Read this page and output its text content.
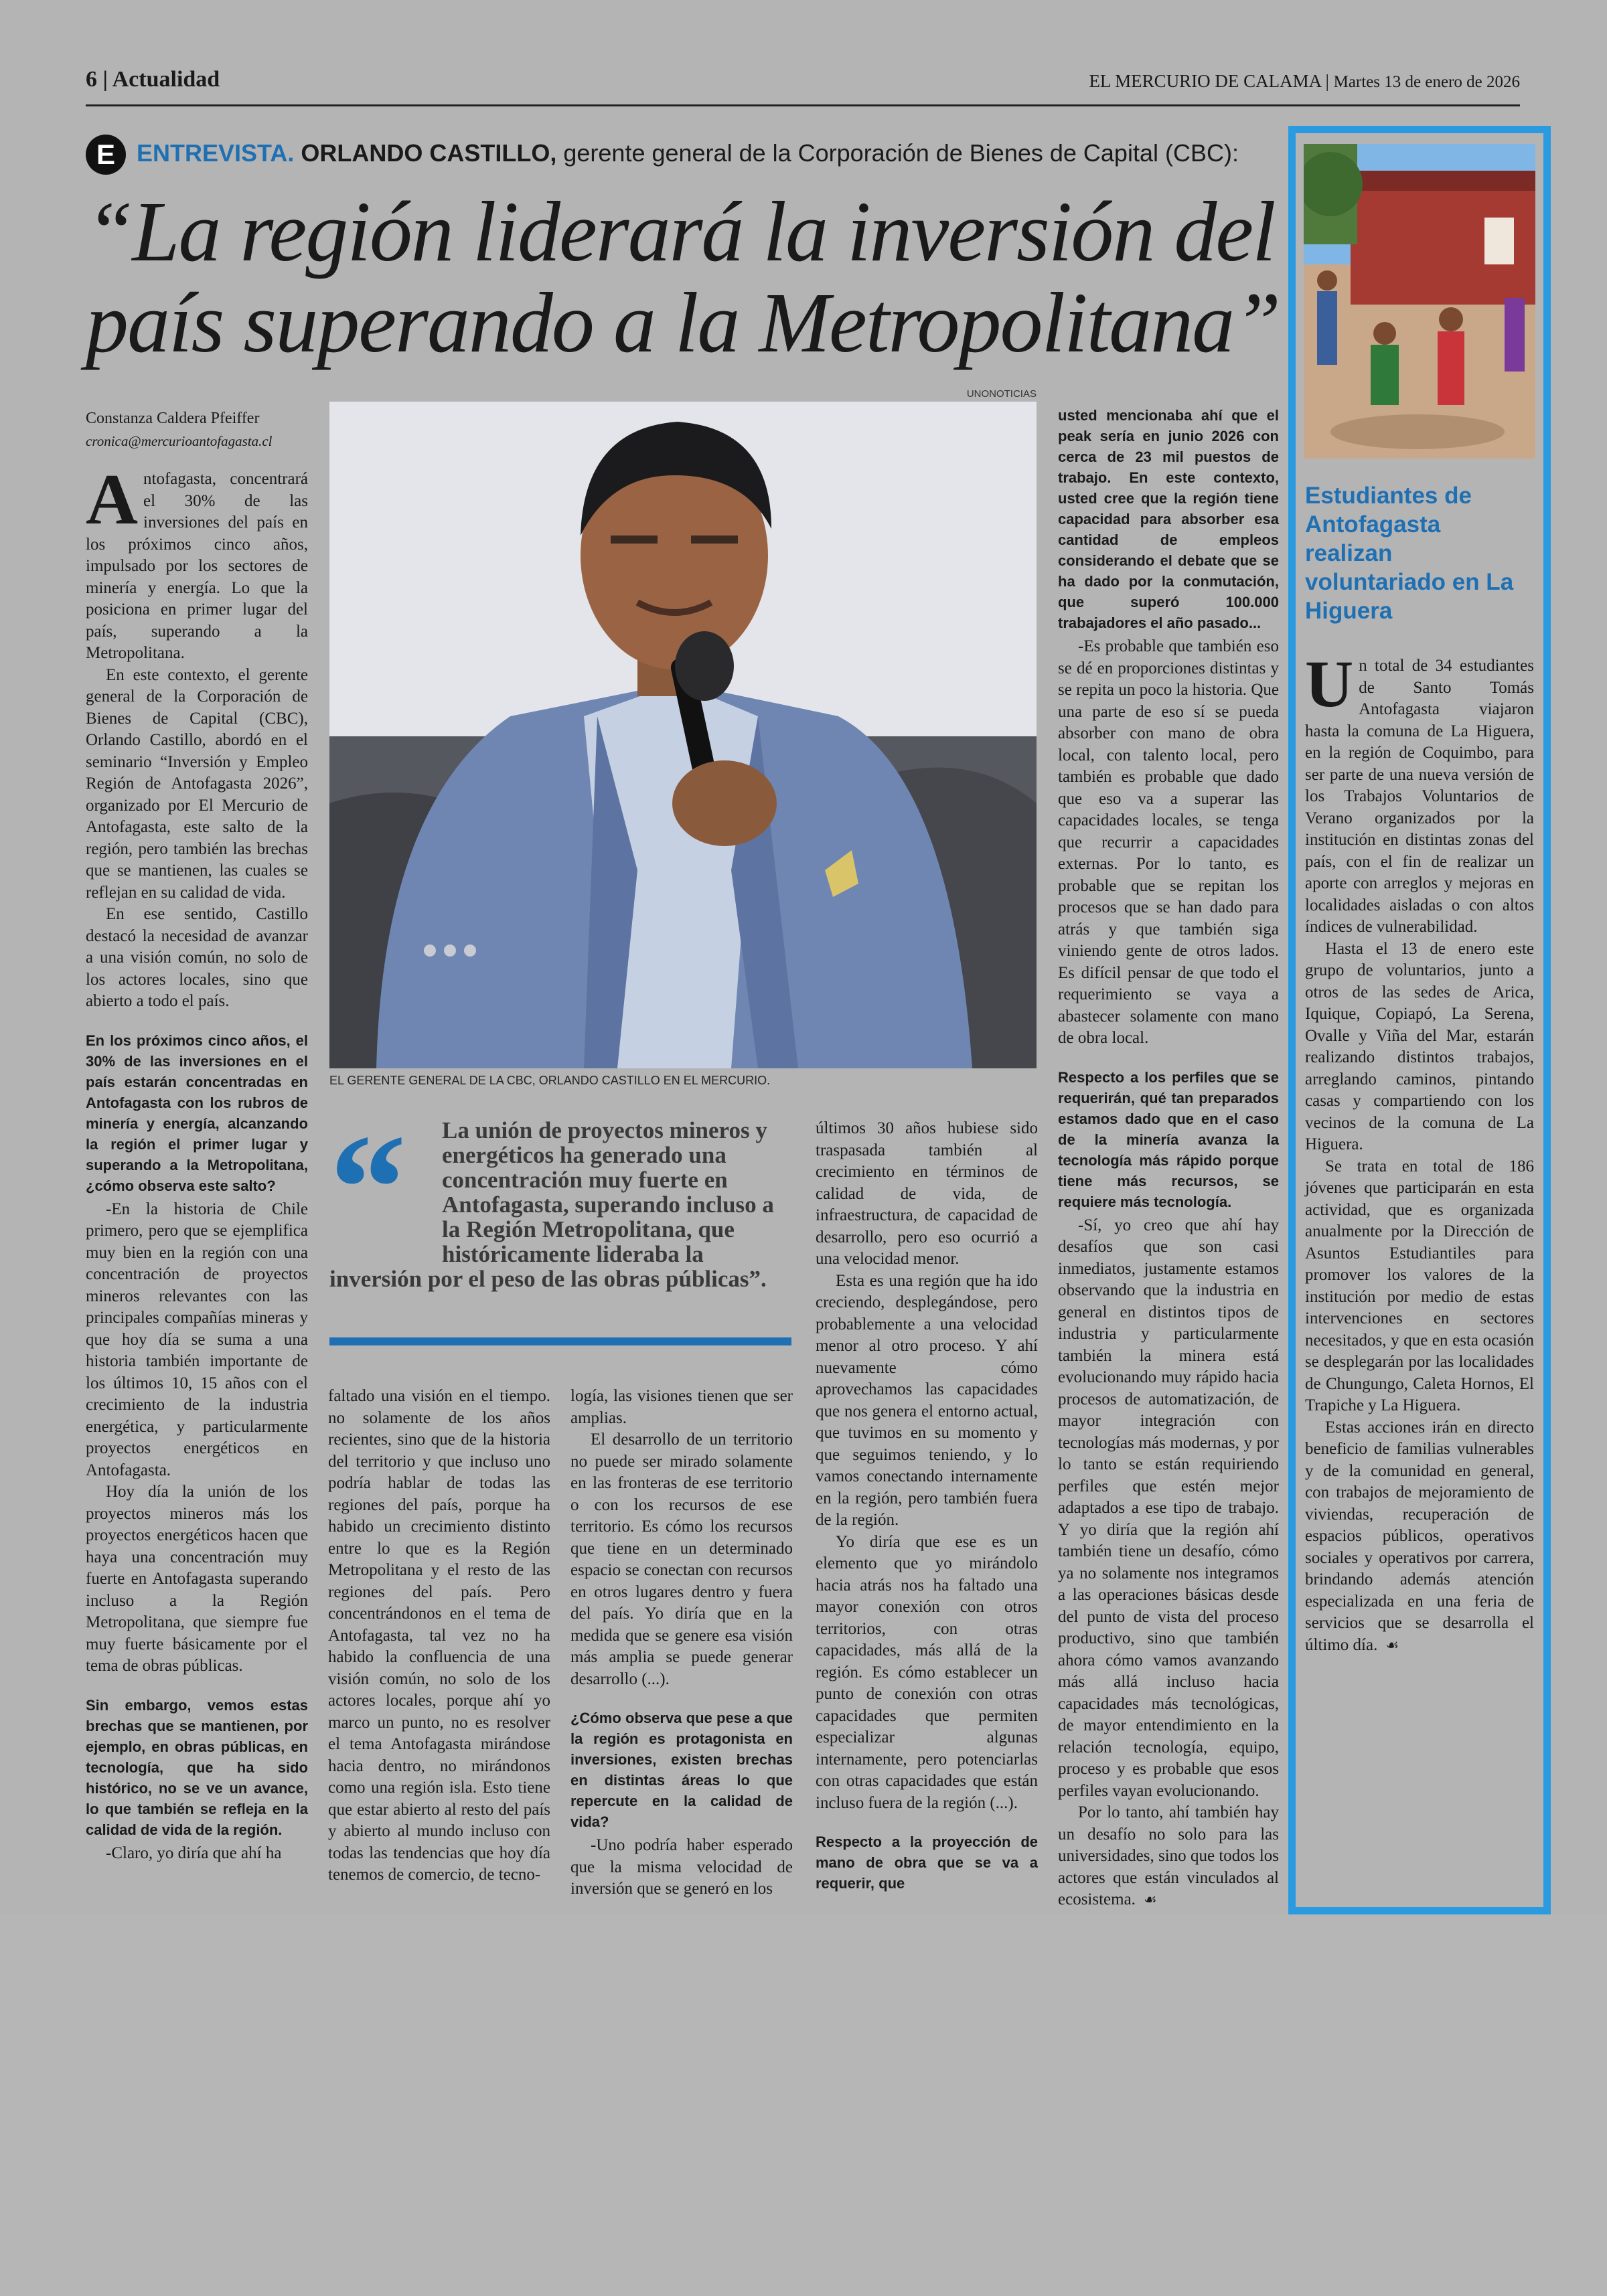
6 | Actualidad	EL MERCURIO DE CALAMA | Martes 13 de enero de 2026
E ENTREVISTA. ORLANDO CASTILLO, gerente general de la Corporación de Bienes de Capital (CBC):
“La región liderará la inversión del país superando a la Metropolitana”
Constanza Caldera Pfeiffer
cronica@mercurioantofagasta.cl
UNONOTICIAS
EL GERENTE GENERAL DE LA CBC, ORLANDO CASTILLO EN EL MERCURIO.
“	La unión de proyectos mineros y energéticos ha generado una concentración muy fuerte en Antofagasta, superando incluso a la Región Metropolitana, que históricamente lideraba la inversión por el peso de las obras públicas”.

Antofagasta, concentrará el 30% de las inversiones del país en los próximos cinco años, impulsado por los sectores de minería y energía. Lo que la posiciona en primer lugar del país, superando a la Metropolitana.

En este contexto, el gerente general de la Corporación de Bienes de Capital (CBC), Orlando Castillo, abordó en el seminario “Inversión y Empleo Región de Antofagasta 2026”, organizado por El Mercurio de Antofagasta, este salto de la región, pero también las brechas que se mantienen, las cuales se reflejan en su calidad de vida.

En ese sentido, Castillo destacó la necesidad de avanzar a una visión común, no solo de los actores locales, sino que abierto a todo el país.

En los próximos cinco años, el 30% de las inversiones en el país estarán concentradas en Antofagasta con los rubros de minería y energía, alcanzando la región el primer lugar y superando a la Metropolitana, ¿cómo observa este salto?

-En la historia de Chile primero, pero que se ejemplifica muy bien en la región con una concentración de proyectos mineros relevantes con las principales compañías mineras y que hoy día se suma a una historia también importante de los últimos 10, 15 años con el crecimiento de la industria energética, y particularmente proyectos energéticos en Antofagasta.

Hoy día la unión de los proyectos mineros más los proyectos energéticos hacen que haya una concentración muy fuerte en Antofagasta superando incluso a la Región Metropolitana, que siempre fue muy fuerte básicamente por el tema de obras públicas.

Sin embargo, vemos estas brechas que se mantienen, por ejemplo, en obras públicas, en tecnología, que ha sido histórico, no se ve un avance, lo que también se refleja en la calidad de vida de la región.

-Claro, yo diría que ahí ha

faltado una visión en el tiempo. no solamente de los años recientes, sino que de la historia del territorio y que incluso uno podría hablar de todas las regiones del país, porque ha habido un crecimiento distinto entre lo que es la Región Metropolitana y el resto de las regiones del país. Pero concentrándonos en el tema de Antofagasta, tal vez no ha habido la confluencia de una visión común, no solo de los actores locales, porque ahí yo marco un punto, no es resolver el tema Antofagasta mirándose hacia dentro, no mirándonos como una región isla. Esto tiene que estar abierto al resto del país y abierto al mundo incluso con todas las tendencias que hoy día tenemos de comercio, de tecno-

logía, las visiones tienen que ser amplias.

El desarrollo de un territorio no puede ser mirado solamente en las fronteras de ese territorio o con los recursos de ese territorio. Es cómo los recursos que tiene en un determinado espacio se conectan con recursos en otros lugares dentro y fuera del país. Yo diría que en la medida que se genere esa visión más amplia se puede generar desarrollo (...).

¿Cómo observa que pese a que la región es protagonista en inversiones, existen brechas en distintas áreas lo que repercute en la calidad de vida?

-Uno podría haber esperado que la misma velocidad de inversión que se generó en los

últimos 30 años hubiese sido traspasada también al crecimiento en términos de calidad de vida, de infraestructura, de capacidad de desarrollo, pero eso ocurrió a una velocidad menor.

Esta es una región que ha ido creciendo, desplegándose, pero probablemente a una velocidad menor al otro proceso. Y ahí nuevamente cómo aprovechamos las capacidades que nos genera el entorno actual, que tuvimos en su momento y que seguimos teniendo, y lo vamos conectando internamente en la región, pero también fuera de la región.

Yo diría que ese es un elemento que yo mirándolo hacia atrás nos ha faltado una mayor conexión con otros territorios, con otras capacidades, más allá de la región. Es cómo establecer un punto de conexión con otras capacidades que permiten especializar algunas internamente, pero potenciarlas con otras capacidades que están incluso fuera de la región (...).

Respecto a la proyección de mano de obra que se va a requerir, que

usted mencionaba ahí que el peak sería en junio 2026 con cerca de 23 mil puestos de trabajo. En este contexto, usted cree que la región tiene capacidad para absorber esa cantidad de empleos considerando el debate que se ha dado por la conmutación, que superó 100.000 trabajadores el año pasado...

-Es probable que también eso se dé en proporciones distintas y se repita un poco la historia. Que una parte de eso sí se pueda absorber con mano de obra local, con talento local, pero también es probable que dado que eso va a superar las capacidades locales, se tenga que recurrir a capacidades externas. Por lo tanto, es probable que se repitan los procesos que se han dado para atrás y que también siga viniendo gente de otros lados. Es difícil pensar de que todo el requerimiento se vaya a abastecer solamente con mano de obra local.

Respecto a los perfiles que se requerirán, qué tan preparados estamos dado que en el caso de la minería avanza la tecnología más rápido porque tiene más recursos, se requiere más tecnología.

-Sí, yo creo que ahí hay desafíos que son casi inmediatos, justamente estamos observando que la industria en general en distintos tipos de industria y particularmente también la minera está evolucionando muy rápido hacia procesos de automatización, de mayor integración con tecnologías más modernas, y por lo tanto se están requiriendo perfiles que estén mejor adaptados a ese tipo de trabajo. Y yo diría que la región ahí también tiene un desafío, cómo ya no solamente nos integramos a las operaciones básicas desde del punto de vista del proceso productivo, sino que también ahora cómo vamos avanzando más allá incluso hacia capacidades más tecnológicas, de mayor entendimiento en la relación tecnología, equipo, proceso y es probable que esos perfiles vayan evolucionando.

Por lo tanto, ahí también hay un desafío no solo para las universidades, sino que todos los actores que están vinculados al ecosistema. ☙

Estudiantes de Antofagasta realizan voluntariado en La Higuera

Un total de 34 estudiantes de Santo Tomás Antofagasta viajaron hasta la comuna de La Higuera, en la región de Coquimbo, para ser parte de una nueva versión de los Trabajos Voluntarios de Verano organizados por la institución en distintas zonas del país, con el fin de realizar un aporte con arreglos y mejoras en localidades aisladas o con altos índices de vulnerabilidad.

Hasta el 13 de enero este grupo de voluntarios, junto a otros de las sedes de Arica, Iquique, Copiapó, La Serena, Ovalle y Viña del Mar, estarán realizando distintos trabajos, arreglando caminos, pintando casas y compartiendo con los vecinos de la comuna de La Higuera.

Se trata en total de 186 jóvenes que participarán en esta actividad, que es organizada anualmente por la Dirección de Asuntos Estudiantiles para promover los valores de la institución por medio de estas intervenciones en sectores necesitados, y que en esta ocasión se desplegarán por las localidades de Chungungo, Caleta Hornos, El Trapiche y La Higuera.

Estas acciones irán en directo beneficio de familias vulnerables y de la comunidad en general, con trabajos de mejoramiento de viviendas, recuperación de espacios públicos, operativos sociales y operativos por carrera, brindando además atención especializada en una feria de servicios que se desarrolla el último día. ☙
